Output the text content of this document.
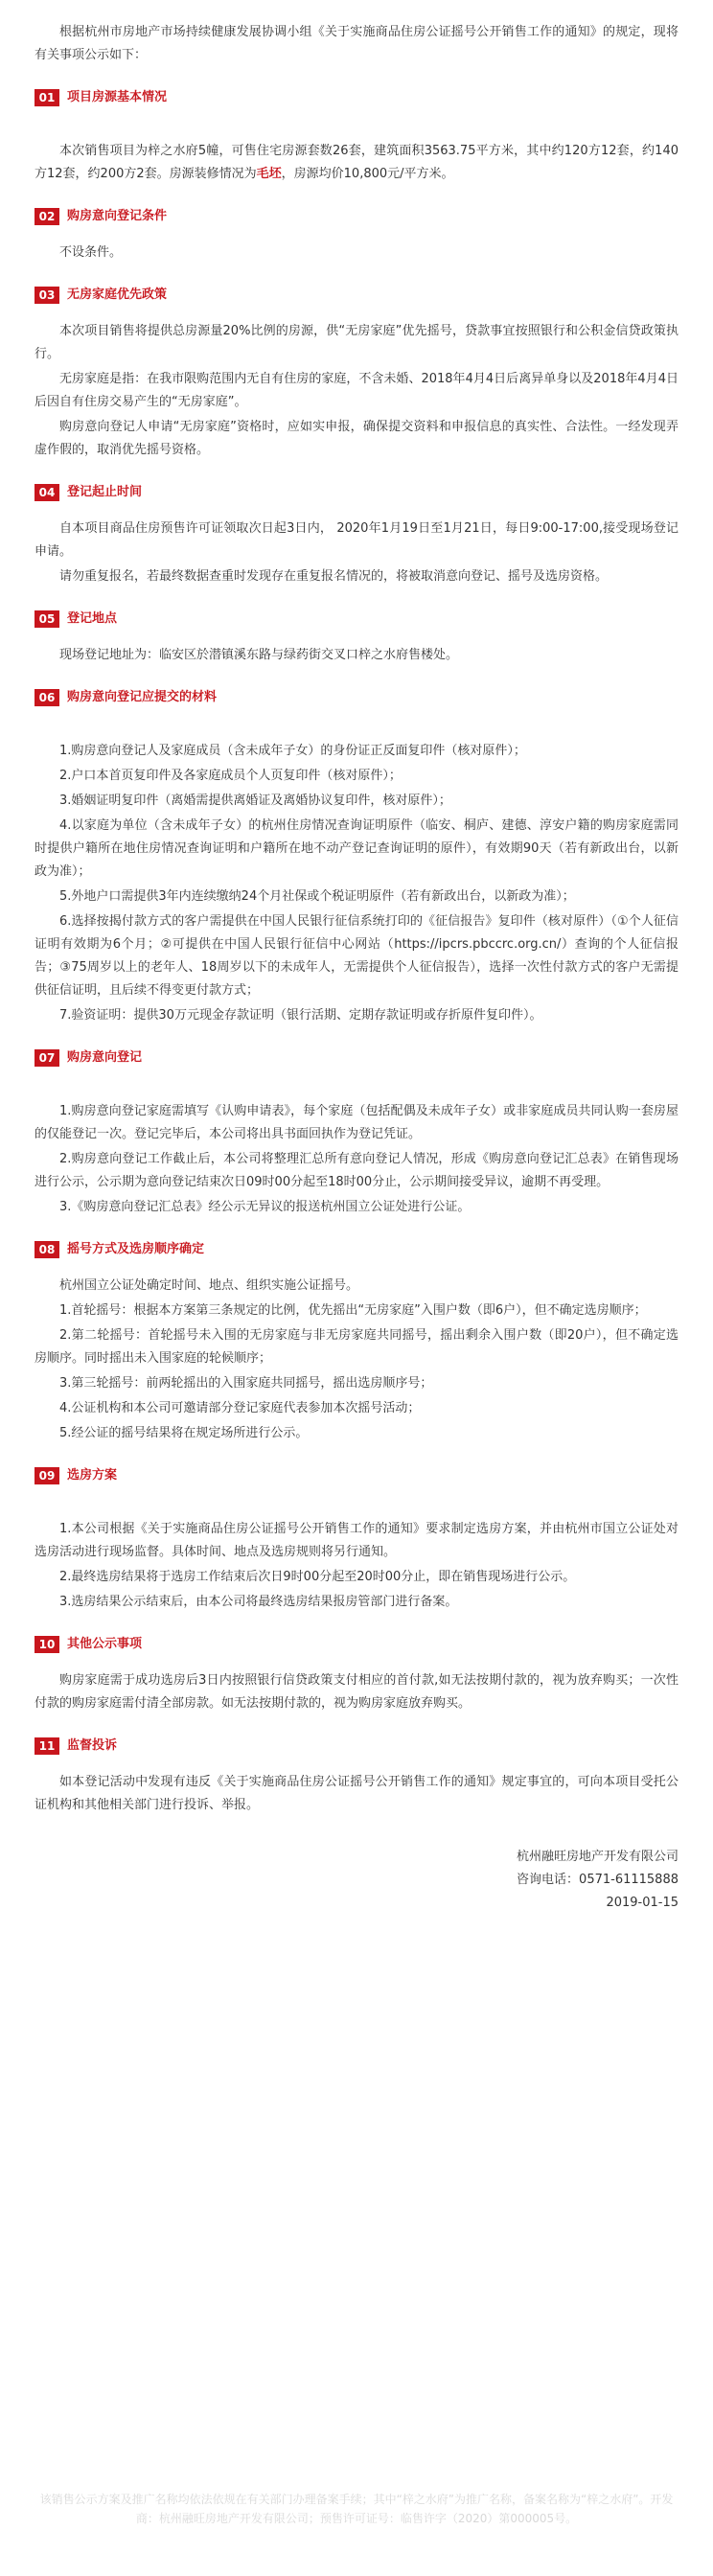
根据杭州市房地产市场持续健康发展协调小组《关于实施商品住房公证摇号公开销售工作的通知》的规定，现将有关事项公示如下：

01 项目房源基本情况

本次销售项目为梓之水府5幢，可售住宅房源套数26套，建筑面积3563.75平方米，其中约120方12套，约140方12套，约200方2套。房源装修情况为毛坯，房源均价10,800元/平方米。

02 购房意向登记条件

不设条件。

03 无房家庭优先政策

本次项目销售将提供总房源量20%比例的房源，供“无房家庭”优先摇号，贷款事宜按照银行和公积金信贷政策执行。

无房家庭是指：在我市限购范围内无自有住房的家庭，不含未婚、2018年4月4日后离异单身以及2018年4月4日后因自有住房交易产生的“无房家庭”。

购房意向登记人申请“无房家庭”资格时，应如实申报，确保提交资料和申报信息的真实性、合法性。一经发现弄虚作假的，取消优先摇号资格。

04 登记起止时间

自本项目商品住房预售许可证领取次日起3日内， 2020年1月19日至1月21日，每日9:00-17:00,接受现场登记申请。

请勿重复报名，若最终数据查重时发现存在重复报名情况的，将被取消意向登记、摇号及选房资格。

05 登记地点

现场登记地址为：临安区於潜镇溪东路与绿药街交叉口梓之水府售楼处。

06 购房意向登记应提交的材料

1.购房意向登记人及家庭成员（含未成年子女）的身份证正反面复印件（核对原件）；

2.户口本首页复印件及各家庭成员个人页复印件（核对原件）；

3.婚姻证明复印件（离婚需提供离婚证及离婚协议复印件，核对原件）；

4.以家庭为单位（含未成年子女）的杭州住房情况查询证明原件（临安、桐庐、建德、淳安户籍的购房家庭需同时提供户籍所在地住房情况查询证明和户籍所在地不动产登记查询证明的原件），有效期90天（若有新政出台，以新政为准）；

5.外地户口需提供3年内连续缴纳24个月社保或个税证明原件（若有新政出台，以新政为准）；

6.选择按揭付款方式的客户需提供在中国人民银行征信系统打印的《征信报告》复印件（核对原件）（①个人征信证明有效期为6个月；②可提供在中国人民银行征信中心网站（https://ipcrs.pbccrc.org.cn/）查询的个人征信报告；③75周岁以上的老年人、18周岁以下的未成年人，无需提供个人征信报告），选择一次性付款方式的客户无需提供征信证明，且后续不得变更付款方式；

7.验资证明：提供30万元现金存款证明（银行活期、定期存款证明或存折原件复印件）。

07 购房意向登记

1.购房意向登记家庭需填写《认购申请表》，每个家庭（包括配偶及未成年子女）或非家庭成员共同认购一套房屋的仅能登记一次。登记完毕后，本公司将出具书面回执作为登记凭证。

2.购房意向登记工作截止后，本公司将整理汇总所有意向登记人情况，形成《购房意向登记汇总表》在销售现场进行公示，公示期为意向登记结束次日09时00分起至18时00分止，公示期间接受异议，逾期不再受理。

3.《购房意向登记汇总表》经公示无异议的报送杭州国立公证处进行公证。

08 摇号方式及选房顺序确定

杭州国立公证处确定时间、地点、组织实施公证摇号。

1.首轮摇号：根据本方案第三条规定的比例，优先摇出“无房家庭”入围户数（即6户），但不确定选房顺序；

2.第二轮摇号：首轮摇号未入围的无房家庭与非无房家庭共同摇号，摇出剩余入围户数（即20户），但不确定选房顺序。同时摇出未入围家庭的轮候顺序；

3.第三轮摇号：前两轮摇出的入围家庭共同摇号，摇出选房顺序号；

4.公证机构和本公司可邀请部分登记家庭代表参加本次摇号活动；

5.经公证的摇号结果将在规定场所进行公示。

09 选房方案

1.本公司根据《关于实施商品住房公证摇号公开销售工作的通知》要求制定选房方案，并由杭州市国立公证处对选房活动进行现场监督。具体时间、地点及选房规则将另行通知。

2.最终选房结果将于选房工作结束后次日9时00分起至20时00分止，即在销售现场进行公示。

3.选房结果公示结束后，由本公司将最终选房结果报房管部门进行备案。

10 其他公示事项

购房家庭需于成功选房后3日内按照银行信贷政策支付相应的首付款,如无法按期付款的，视为放弃购买；一次性付款的购房家庭需付清全部房款。如无法按期付款的，视为购房家庭放弃购买。

11 监督投诉

如本登记活动中发现有违反《关于实施商品住房公证摇号公开销售工作的通知》规定事宜的，可向本项目受托公证机构和其他相关部门进行投诉、举报。

杭州融旺房地产开发有限公司
咨询电话：0571-61115888
2019-01-15
该销售公示方案及推广名称均依法依规在有关部门办理备案手续；其中“梓之水府”为推广名称，备案名称为“梓之水府”。开发商：杭州融旺房地产开发有限公司；预售许可证号：临售许字（2020）第000005号。
